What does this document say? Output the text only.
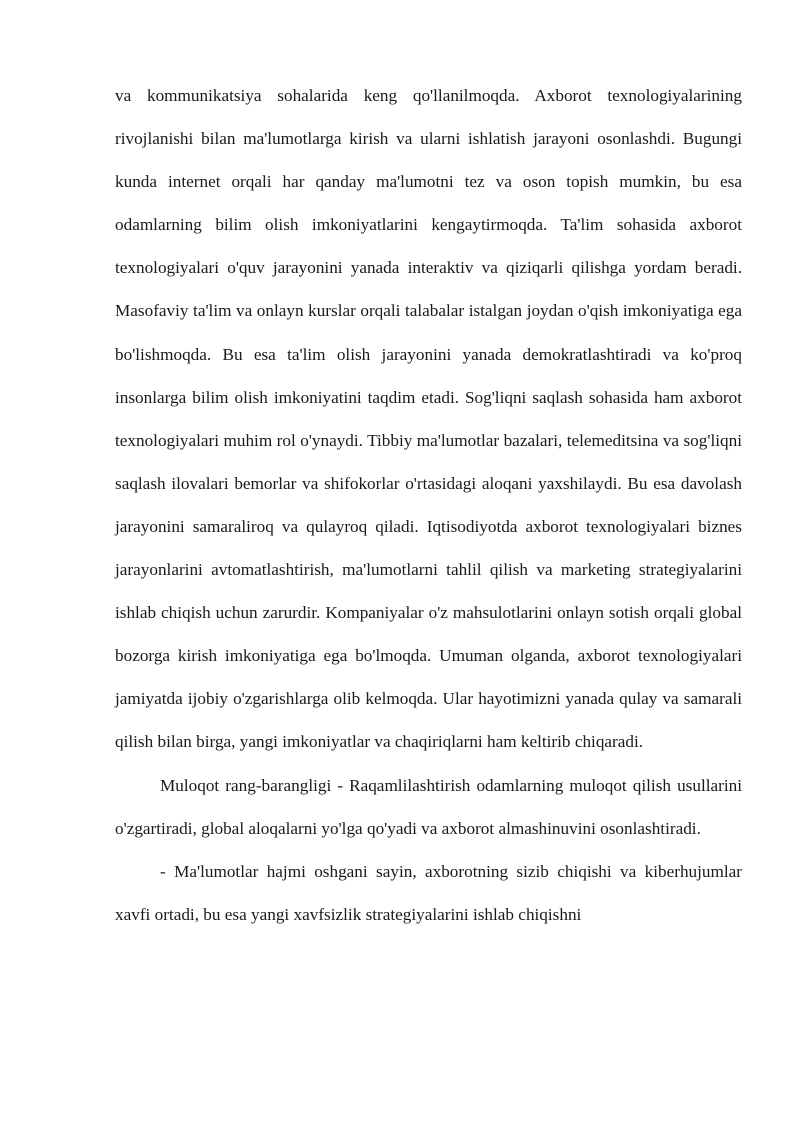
va kommunikatsiya sohalarida keng qo'llanilmoqda. Axborot texnologiyalarining rivojlanishi bilan ma'lumotlarga kirish va ularni ishlatish jarayoni osonlashdi. Bugungi kunda internet orqali har qanday ma'lumotni tez va oson topish mumkin, bu esa odamlarning bilim olish imkoniyatlarini kengaytirmoqda. Ta'lim sohasida axborot texnologiyalari o'quv jarayonini yanada interaktiv va qiziqarli qilishga yordam beradi. Masofaviy ta'lim va onlayn kurslar orqali talabalar istalgan joydan o'qish imkoniyatiga ega bo'lishmoqda. Bu esa ta'lim olish jarayonini yanada demokratlashtiradi va ko'proq insonlarga bilim olish imkoniyatini taqdim etadi. Sog'liqni saqlash sohasida ham axborot texnologiyalari muhim rol o'ynaydi. Tibbiy ma'lumotlar bazalari, telemeditsina va sog'liqni saqlash ilovalari bemorlar va shifokorlar o'rtasidagi aloqani yaxshilaydi. Bu esa davolash jarayonini samaraliroq va qulayroq qiladi. Iqtisodiyotda axborot texnologiyalari biznes jarayonlarini avtomatlashtirish, ma'lumotlarni tahlil qilish va marketing strategiyalarini ishlab chiqish uchun zarurdir. Kompaniyalar o'z mahsulotlarini onlayn sotish orqali global bozorga kirish imkoniyatiga ega bo'lmoqda. Umuman olganda, axborot texnologiyalari jamiyatda ijobiy o'zgarishlarga olib kelmoqda. Ular hayotimizni yanada qulay va samarali qilish bilan birga, yangi imkoniyatlar va chaqiriqlarni ham keltirib chiqaradi.

Muloqot rang-barangligi - Raqamlilashtirish odamlarning muloqot qilish usullarini o'zgartiradi, global aloqalarni yo'lga qo'yadi va axborot almashinuvini osonlashtiradi.

- Ma'lumotlar hajmi oshgani sayin, axborotning sizib chiqishi va kiberhujumlar xavfi ortadi, bu esa yangi xavfsizlik strategiyalarini ishlab chiqishni
